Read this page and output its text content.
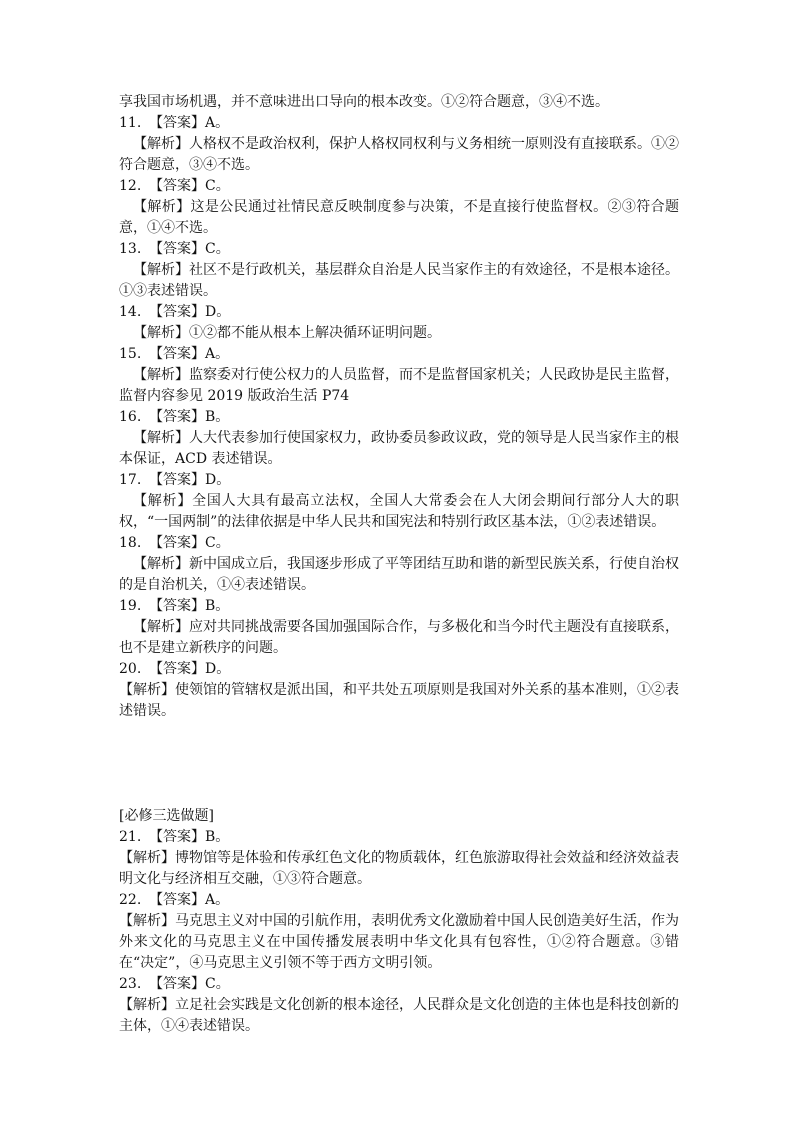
享我国市场机遇，并不意味进出口导向的根本改变。①②符合题意，③④不选。
11. 【答案】A。
【解析】人格权不是政治权利，保护人格权同权利与义务相统一原则没有直接联系。①②符合题意，③④不选。
12. 【答案】C。
【解析】这是公民通过社情民意反映制度参与决策，不是直接行使监督权。②③符合题意，①④不选。
13. 【答案】C。
【解析】社区不是行政机关，基层群众自治是人民当家作主的有效途径，不是根本途径。①③表述错误。
14. 【答案】D。
【解析】①②都不能从根本上解决循环证明问题。
15. 【答案】A。
【解析】监察委对行使公权力的人员监督，而不是监督国家机关；人民政协是民主监督，监督内容参见 2019 版政治生活 P74
16. 【答案】B。
【解析】人大代表参加行使国家权力，政协委员参政议政，党的领导是人民当家作主的根本保证，ACD 表述错误。
17. 【答案】D。
【解析】全国人大具有最高立法权，全国人大常委会在人大闭会期间行部分人大的职权，“一国两制”的法律依据是中华人民共和国宪法和特别行政区基本法，①②表述错误。
18. 【答案】C。
【解析】新中国成立后，我国逐步形成了平等团结互助和谐的新型民族关系，行使自治权的是自治机关，①④表述错误。
19. 【答案】B。
【解析】应对共同挑战需要各国加强国际合作，与多极化和当今时代主题没有直接联系，也不是建立新秩序的问题。
20. 【答案】D。
【解析】使领馆的管辖权是派出国，和平共处五项原则是我国对外关系的基本准则，①②表述错误。
[必修三选做题]
21. 【答案】B。
【解析】博物馆等是体验和传承红色文化的物质载体，红色旅游取得社会效益和经济效益表明文化与经济相互交融，①③符合题意。
22. 【答案】A。
【解析】马克思主义对中国的引航作用，表明优秀文化激励着中国人民创造美好生活，作为外来文化的马克思主义在中国传播发展表明中华文化具有包容性，①②符合题意。③错在“决定”，④马克思主义引领不等于西方文明引领。
23. 【答案】C。
【解析】立足社会实践是文化创新的根本途径，人民群众是文化创造的主体也是科技创新的主体，①④表述错误。
